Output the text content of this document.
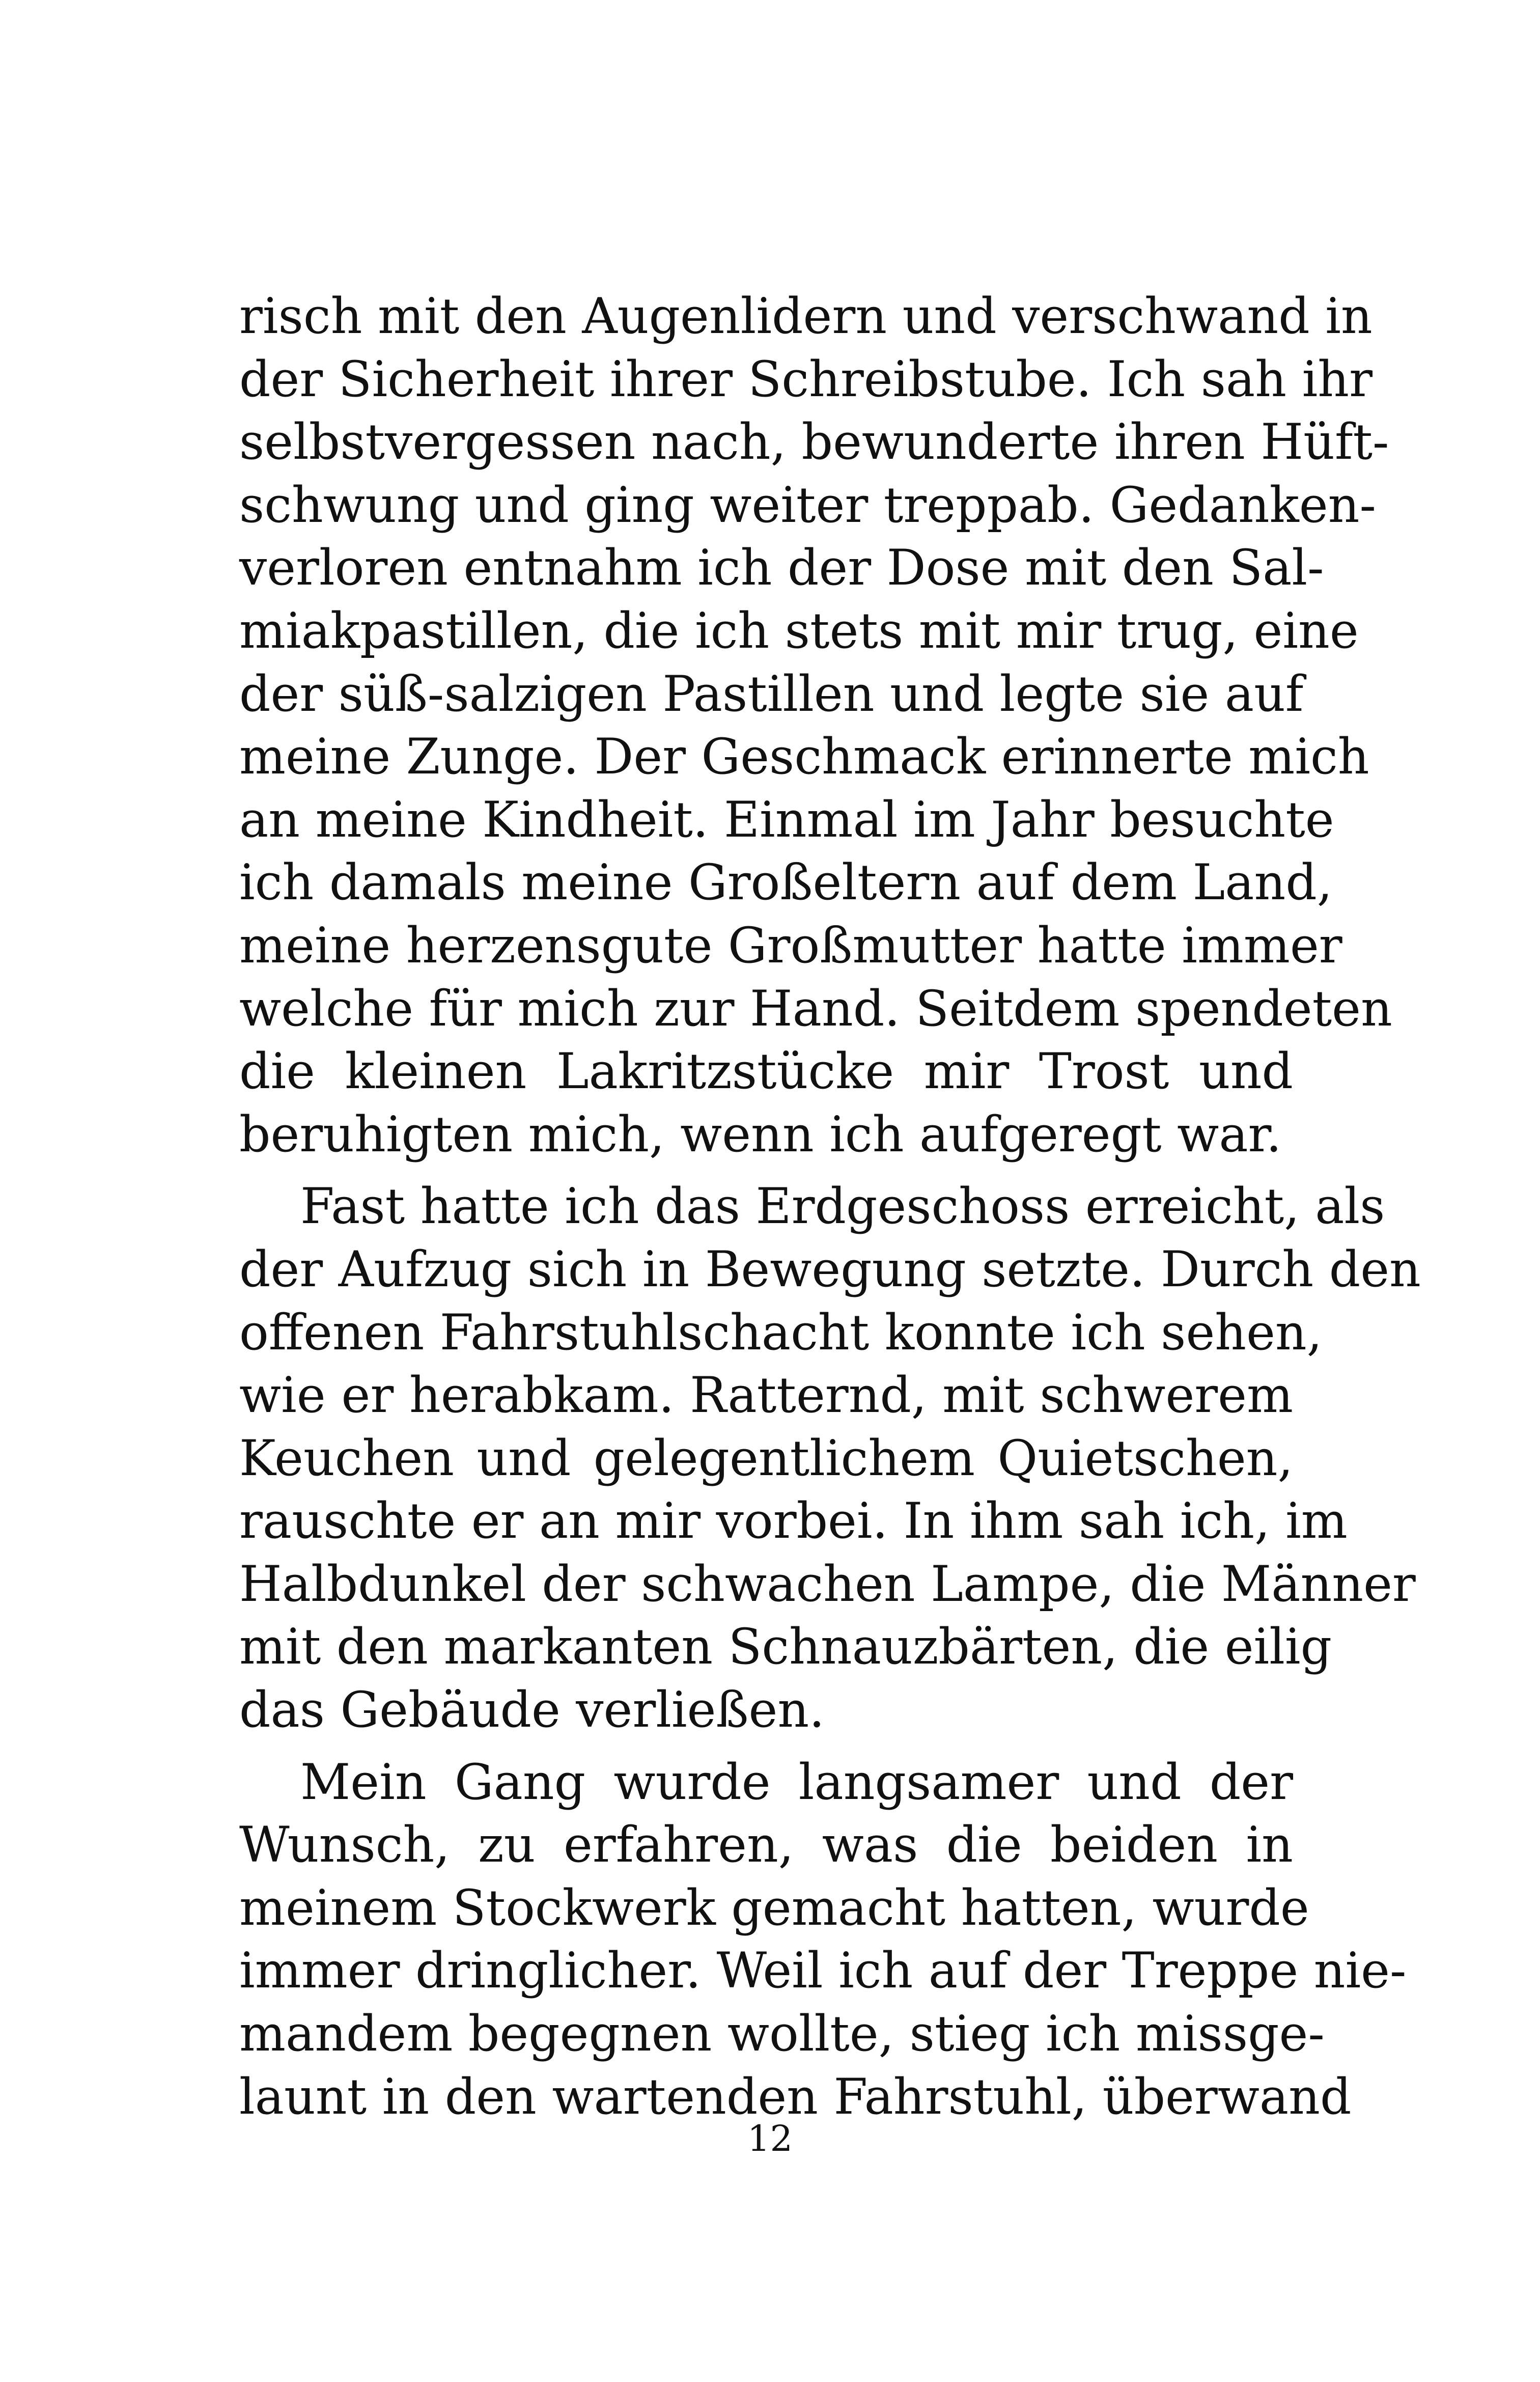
risch mit den Augenlidern und verschwand in
der Sicherheit ihrer Schreibstube. Ich sah ihr
selbstvergessen nach, bewunderte ihren Hüft-
schwung und ging weiter treppab. Gedanken-
verloren entnahm ich der Dose mit den Sal-
miakpastillen, die ich stets mit mir trug, eine
der süß-salzigen Pastillen und legte sie auf
meine Zunge. Der Geschmack erinnerte mich
an meine Kindheit. Einmal im Jahr besuchte
ich damals meine Großeltern auf dem Land,
meine herzensgute Großmutter hatte immer
welche für mich zur Hand. Seitdem spendeten
die kleinen Lakritzstücke mir Trost und
beruhigten mich, wenn ich aufgeregt war.
Fast hatte ich das Erdgeschoss erreicht, als
der Aufzug sich in Bewegung setzte. Durch den
offenen Fahrstuhlschacht konnte ich sehen,
wie er herabkam. Ratternd, mit schwerem
Keuchen und gelegentlichem Quietschen,
rauschte er an mir vorbei. In ihm sah ich, im
Halbdunkel der schwachen Lampe, die Männer
mit den markanten Schnauzbärten, die eilig
das Gebäude verließen.
Mein Gang wurde langsamer und der
Wunsch, zu erfahren, was die beiden in
meinem Stockwerk gemacht hatten, wurde
immer dringlicher. Weil ich auf der Treppe nie-
mandem begegnen wollte, stieg ich missge-
launt in den wartenden Fahrstuhl, überwand
12
